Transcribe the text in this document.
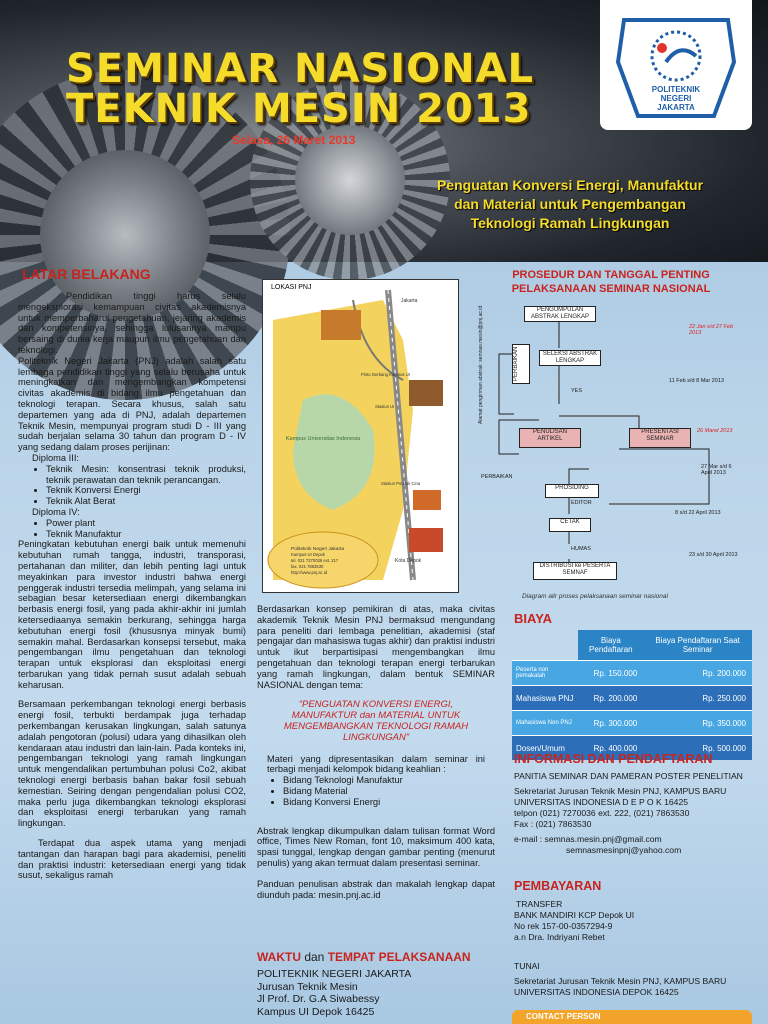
SEMINAR NASIONAL
TEKNIK MESIN 2013
Selasa, 26 Maret 2013
Penguatan Konversi Energi, Manufaktur
dan Material untuk Pengembangan
Teknologi Ramah Lingkungan
POLITEKNIK
NEGERI
JAKARTA
LATAR BELAKANG
Pendidikan tinggi harus selalu mengeksplorasi kemampuan civitas akademisnya untuk memperbaharui pengetahuan, jejaring akademis dan kompetensinya, sehingga lulusannya mampu bersaing di dunia kerja maupun ilmu pengetahuan dan teknologi.
Politeknik Negeri Jakarta (PNJ) adalah salah satu lembaga pendidikan tinggi yang selalu berusaha untuk meningkatkan dan mengembangkan kompetensi civitas akademis di bidang ilmu pengetahuan dan teknologi terapan. Secara khusus, salah satu departemen yang ada di PNJ, adalah departemen Teknik Mesin, mempunyai program studi D - III yang sudah berjalan selama 30 tahun dan program D - IV yang sedang dalam proses perijinan:
Diploma III:
• Teknik Mesin: konsentrasi teknik produksi, teknik perawatan dan teknik perancangan.
• Teknik Konversi Energi
• Teknik Alat Berat
Diploma IV:
• Power plant
• Teknik Manufaktur
Peningkatan kebutuhan energi baik untuk memenuhi kebutuhan rumah tangga, industri, transporasi, pertahanan dan militer, dan lebih penting lagi untuk meyakinkan para investor industri bahwa energi penggerak industri tersedia melimpah, yang selama ini sebagian besar ketersediaan energi dikembangkan berbasis energi fosil, yang pada akhir-akhir ini jumlah ketersediaanya semakin berkurang, sehingga harga kebutuhan energi fosil (khususnya minyak bumi) semakin mahal. Berdasarkan konsepsi tersebut, maka pengembangan ilmu pengetahuan dan teknologi terapan untuk eksplorasi dan eksploitasi energi terbarukan yang tidak pernah susut adalah sebuah keharusan.
Bersamaan perkembangan teknologi energi berbasis energi fosil, terbukti berdampak juga terhadap perkembangan kerusakan lingkungan, salah satunya adalah pengotoran (polusi) udara yang dihasilkan oleh kendaraan atau industri dan lain-lain. Pada konteks ini, pengembangan teknologi yang ramah lingkungan untuk mengendalikan pertumbuhan polusi Co2, akibat teknologi energi berbasis bahan bakar fosil sebuah kemestian. Seiring dengan pengendalian polusi CO2, maka perlu juga dikembangkan teknologi eksplorasi dan eksploitasi energi terbarukan yang ramah lingkungan.
Terdapat dua aspek utama yang menjadi tantangan dan harapan bagi para akademisi, peneliti dan praktisi industri: ketersediaan energi yang tidak susut, sekaligus ramah
LOKASI PNJ
Kampus Universitas Indonesia
Politeknik Negeri Jakarta
Kampus UI Depok
tel. 021 7270036 ext. 217
fax. 021 7863530
http://www.pnj.ac.id
Jakarta
Pintu Gerbang Kampus UI
Stasiun UI
Stasiun Pondok Cina
Kota Depok
Berdasarkan konsep pemikiran di atas, maka civitas akademik Teknik Mesin PNJ bermaksud mengundang para peneliti dari lembaga penelitian, akademisi (staf pengajar dan mahasiswa tugas akhir) dan praktisi industri untuk ikut berpartisipasi mengembangkan ilmu pengetahuan dan teknologi terapan energi terbarukan yang ramah lingkungan, dalam bentuk SEMINAR NASIONAL dengan tema:
“PENGUATAN KONVERSI ENERGI, MANUFAKTUR dan MATERIAL UNTUK MENGEMBANGKAN TEKNOLOGI RAMAH LINGKUNGAN”
Materi yang dipresentasikan dalam seminar ini terbagi menjadi kelompok bidang keahlian :
• Bidang Teknologi Manufaktur
• Bidang Material
• Bidang Konversi Energi
Abstrak lengkap dikumpulkan dalam tulisan format Word office, Times New Roman, font 10, maksimum 400 kata, spasi tunggal, lengkap dengan gambar penting (menurut penulis) yang akan termuat dalam presentasi seminar.
Panduan penulisan abstrak dan makalah lengkap dapat diunduh pada: mesin.pnj.ac.id
WAKTU dan TEMPAT PELAKSANAAN
POLITEKNIK NEGERI JAKARTA
Jurusan Teknik Mesin
Jl Prof. Dr. G.A Siwabessy
Kampus UI Depok 16425
PROSEDUR DAN TANGGAL PENTING
PELAKSANAAN SEMINAR NASIONAL
Alamat pengiriman abstrak: semnas.mesin@pnj.ac.id	PENGUMPULAN ABSTRAK LENGKAP
PERBAIKAN	SELEKSI ABSTRAK LENGKAP
PENULISAN ARTIKEL
PRESENTASI SEMINAR
PROSIDING
CETAK
DISTRIBUSI ke PESERTA SEMNAF
22 Jan s/d 27 Feb 2013
11 Feb s/d 8 Mar 2013
26 Maret 2013
27 Mar s/d 6 April 2013
8 s/d 22 April 2013
23 s/d 30 April 2013
YES
PERBAIKAN
EDITOR
HUMAS
Diagram alir proses pelaksanaan seminar nasional
BIAYA
	Biaya Pendaftaran	Biaya Pendaftaran Saat Seminar
Peserta non pemakalah	Rp. 150.000	Rp. 200.000
Mahasiswa PNJ	Rp. 200.000	Rp. 250.000
Mahasiswa Non PNJ	Rp. 300.000	Rp. 350.000
Dosen/Umum	Rp. 400.000	Rp. 500.000
INFORMASI DAN PENDAFTARAN
PANITIA SEMINAR DAN PAMERAN POSTER PENELITIAN
Sekretariat Jurusan Teknik Mesin PNJ, KAMPUS BARU UNIVERSITAS INDONESIA D E P O K 16425
telpon (021) 7270036 ext. 222, (021) 7863530
Fax : (021) 7863530
e-mail : semnas.mesin.pnj@gmail.com
semnasmesinpnj@yahoo.com
PEMBAYARAN
TRANSFER
BANK MANDIRI KCP Depok UI
No rek 157-00-0357294-9
a.n Dra. Indriyani Rebet
TUNAI
Sekretariat Jurusan Teknik Mesin PNJ, KAMPUS BARU UNIVERSITAS INDONESIA DEPOK 16425
CONTACT PERSON
